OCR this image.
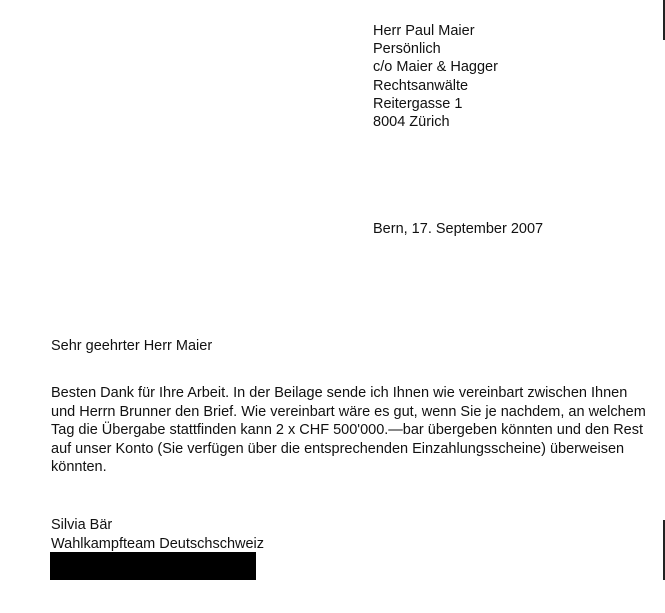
Herr Paul Maier
Persönlich
c/o Maier & Hagger
Rechtsanwälte
Reitergasse 1
8004 Zürich
Bern, 17. September 2007
Sehr geehrter Herr Maier
Besten Dank für Ihre Arbeit. In der Beilage sende ich Ihnen wie vereinbart zwischen Ihnen
und Herrn Brunner den Brief. Wie vereinbart wäre es gut, wenn Sie je nachdem, an welchem
Tag die Übergabe stattfinden kann 2 x CHF 500'000.—bar übergeben könnten und den Rest
auf unser Konto (Sie verfügen über die entsprechenden Einzahlungsscheine) überweisen
könnten.
Silvia Bär
Wahlkampfteam Deutschschweiz
